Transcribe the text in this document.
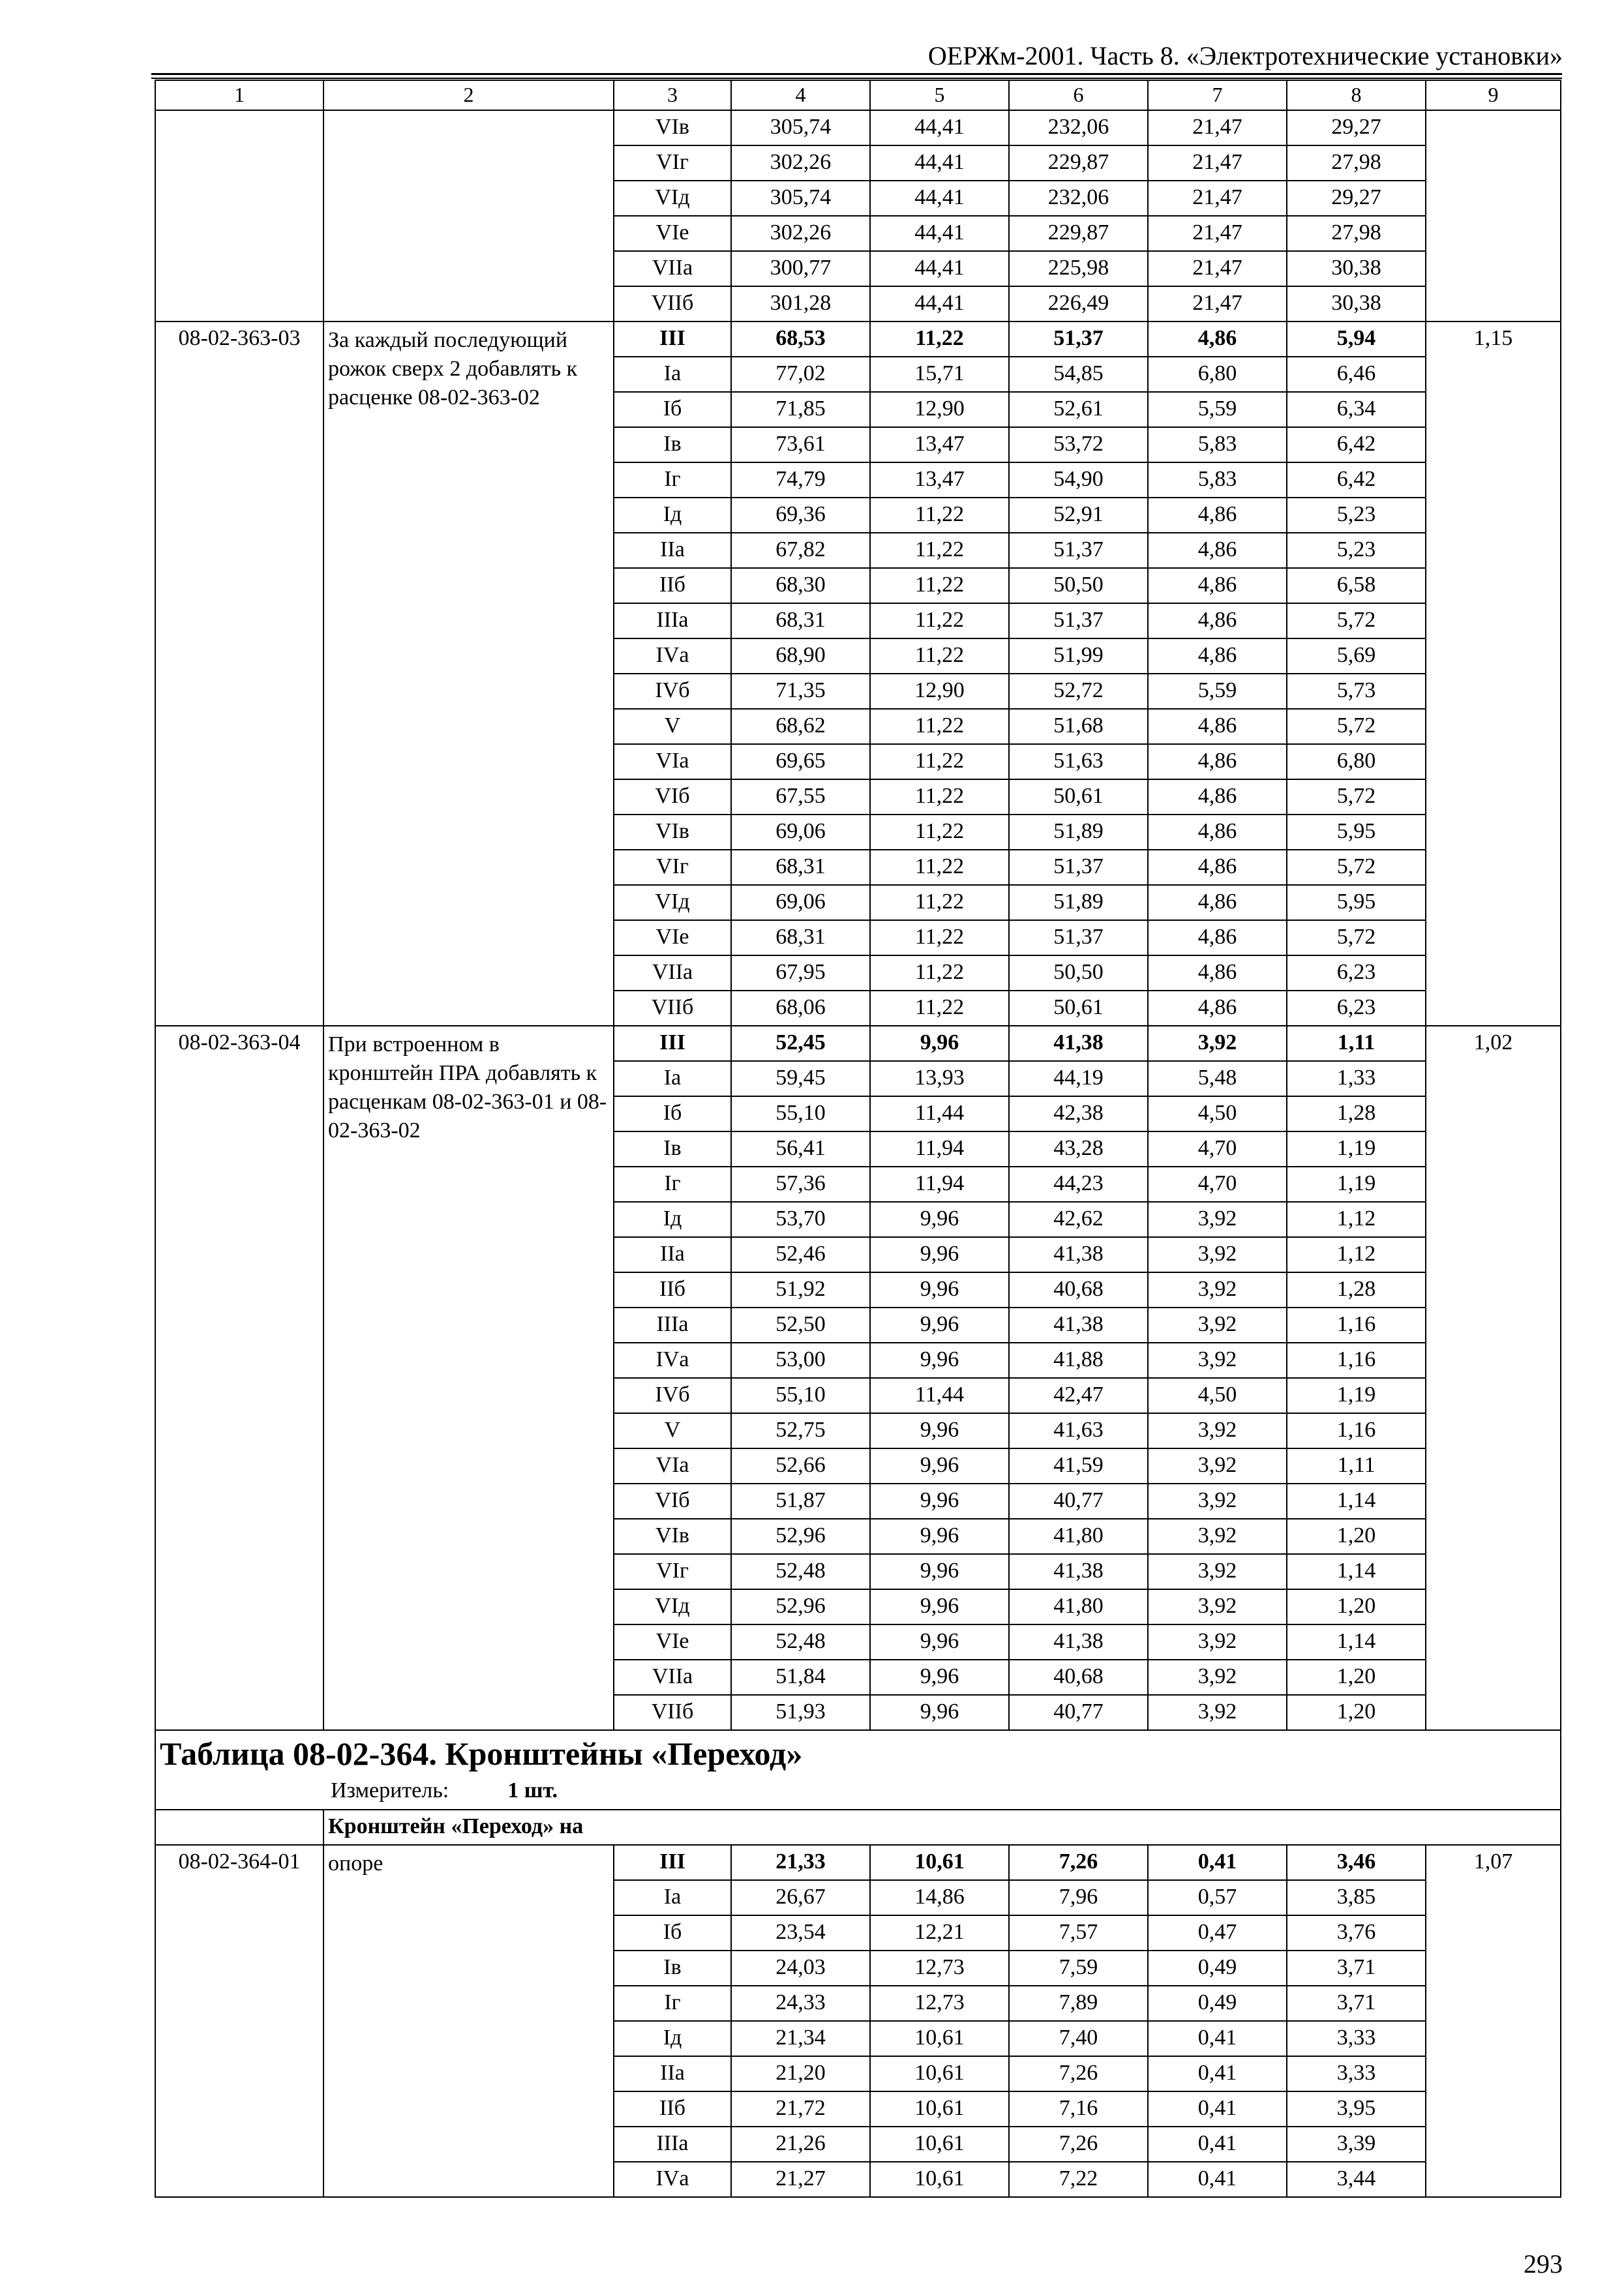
ОЕРЖм-2001. Часть 8. «Электротехнические установки»
1	2	3	4	5	6	7	8	9
		VIв	305,74	44,41	232,06	21,47	29,27	
		VIг	302,26	44,41	229,87	21,47	27,98	
		VIд	305,74	44,41	232,06	21,47	29,27	
		VIе	302,26	44,41	229,87	21,47	27,98	
		VIIа	300,77	44,41	225,98	21,47	30,38	
		VIIб	301,28	44,41	226,49	21,47	30,38	
08-02-363-03	За каждый последующий рожок сверх 2 добавлять к расценке 08-02-363-02	III	68,53	11,22	51,37	4,86	5,94	1,15
		Iа	77,02	15,71	54,85	6,80	6,46	
		Iб	71,85	12,90	52,61	5,59	6,34	
		Iв	73,61	13,47	53,72	5,83	6,42	
		Iг	74,79	13,47	54,90	5,83	6,42	
		Iд	69,36	11,22	52,91	4,86	5,23	
		IIа	67,82	11,22	51,37	4,86	5,23	
		IIб	68,30	11,22	50,50	4,86	6,58	
		IIIа	68,31	11,22	51,37	4,86	5,72	
		IVа	68,90	11,22	51,99	4,86	5,69	
		IVб	71,35	12,90	52,72	5,59	5,73	
		V	68,62	11,22	51,68	4,86	5,72	
		VIа	69,65	11,22	51,63	4,86	6,80	
		VIб	67,55	11,22	50,61	4,86	5,72	
		VIв	69,06	11,22	51,89	4,86	5,95	
		VIг	68,31	11,22	51,37	4,86	5,72	
		VIд	69,06	11,22	51,89	4,86	5,95	
		VIе	68,31	11,22	51,37	4,86	5,72	
		VIIа	67,95	11,22	50,50	4,86	6,23	
		VIIб	68,06	11,22	50,61	4,86	6,23	
08-02-363-04	При встроенном в кронштейн ПРА добавлять к расценкам 08-02-363-01 и 08-02-363-02	III	52,45	9,96	41,38	3,92	1,11	1,02
		Iа	59,45	13,93	44,19	5,48	1,33	
		Iб	55,10	11,44	42,38	4,50	1,28	
		Iв	56,41	11,94	43,28	4,70	1,19	
		Iг	57,36	11,94	44,23	4,70	1,19	
		Iд	53,70	9,96	42,62	3,92	1,12	
		IIа	52,46	9,96	41,38	3,92	1,12	
		IIб	51,92	9,96	40,68	3,92	1,28	
		IIIа	52,50	9,96	41,38	3,92	1,16	
		IVа	53,00	9,96	41,88	3,92	1,16	
		IVб	55,10	11,44	42,47	4,50	1,19	
		V	52,75	9,96	41,63	3,92	1,16	
		VIа	52,66	9,96	41,59	3,92	1,11	
		VIб	51,87	9,96	40,77	3,92	1,14	
		VIв	52,96	9,96	41,80	3,92	1,20	
		VIг	52,48	9,96	41,38	3,92	1,14	
		VIд	52,96	9,96	41,80	3,92	1,20	
		VIе	52,48	9,96	41,38	3,92	1,14	
		VIIа	51,84	9,96	40,68	3,92	1,20	
		VIIб	51,93	9,96	40,77	3,92	1,20	

Таблица 08-02-364. Кронштейны «Переход»
Измеритель: 1 шт.								

	Кронштейн «Переход» на							
08-02-364-01	опоре	III	21,33	10,61	7,26	0,41	3,46	1,07
		Iа	26,67	14,86	7,96	0,57	3,85	
		Iб	23,54	12,21	7,57	0,47	3,76	
		Iв	24,03	12,73	7,59	0,49	3,71	
		Iг	24,33	12,73	7,89	0,49	3,71	
		Iд	21,34	10,61	7,40	0,41	3,33	
		IIа	21,20	10,61	7,26	0,41	3,33	
		IIб	21,72	10,61	7,16	0,41	3,95	
		IIIа	21,26	10,61	7,26	0,41	3,39	
		IVа	21,27	10,61	7,22	0,41	3,44	
293
